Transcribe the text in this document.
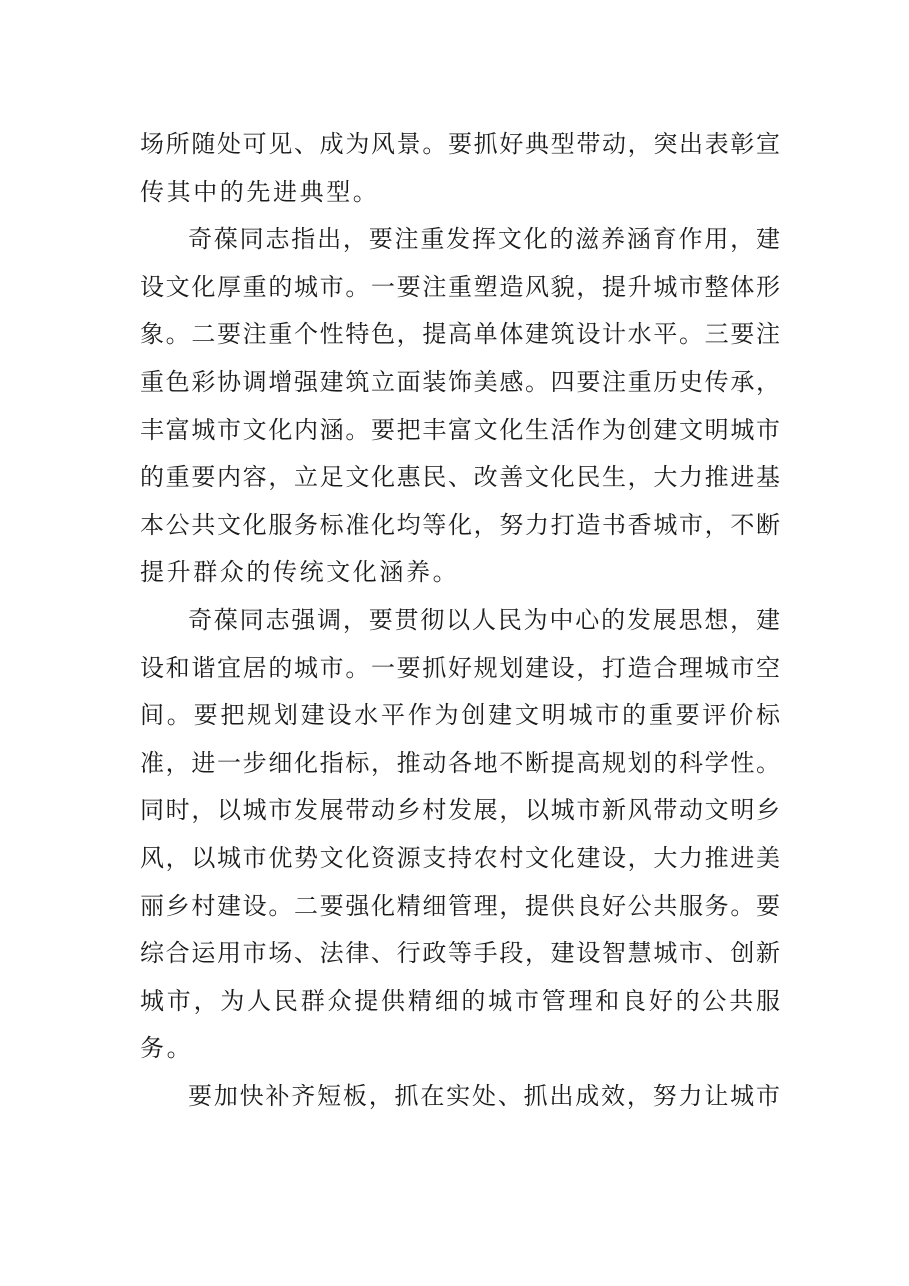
场所随处可见、成为风景。要抓好典型带动，突出表彰宣
传其中的先进典型。
奇葆同志指出，要注重发挥文化的滋养涵育作用，建
设文化厚重的城市。一要注重塑造风貌，提升城市整体形
象。二要注重个性特色，提高单体建筑设计水平。三要注
重色彩协调增强建筑立面装饰美感。四要注重历史传承，
丰富城市文化内涵。要把丰富文化生活作为创建文明城市
的重要内容，立足文化惠民、改善文化民生，大力推进基
本公共文化服务标准化均等化，努力打造书香城市，不断
提升群众的传统文化涵养。
奇葆同志强调，要贯彻以人民为中心的发展思想，建
设和谐宜居的城市。一要抓好规划建设，打造合理城市空
间。要把规划建设水平作为创建文明城市的重要评价标
准，进一步细化指标，推动各地不断提高规划的科学性。
同时，以城市发展带动乡村发展，以城市新风带动文明乡
风，以城市优势文化资源支持农村文化建设，大力推进美
丽乡村建设。二要强化精细管理，提供良好公共服务。要
综合运用市场、法律、行政等手段，建设智慧城市、创新
城市，为人民群众提供精细的城市管理和良好的公共服
务。
要加快补齐短板，抓在实处、抓出成效，努力让城市
